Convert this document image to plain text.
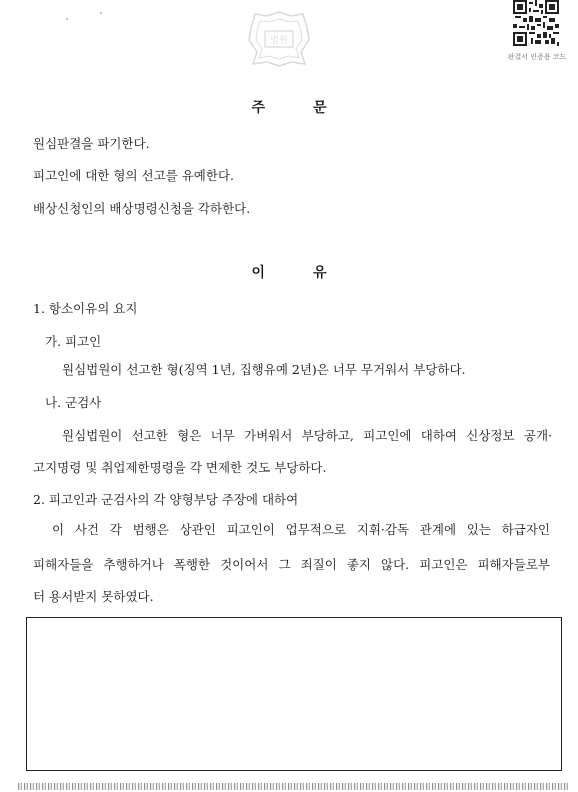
법원
판결서 인증용 코드
주문
원심판결을 파기한다.
피고인에 대한 형의 선고를 유예한다.
배상신청인의 배상명령신청을 각하한다.
이유
1. 항소이유의 요지
가. 피고인
원심법원이 선고한 형(징역 1년, 집행유예 2년)은 너무 무거워서 부당하다.
나. 군검사
원심법원이 선고한 형은 너무 가벼워서 부당하고, 피고인에 대하여 신상정보 공개·
고지명령 및 취업제한명령을 각 면제한 것도 부당하다.
2. 피고인과 군검사의 각 양형부당 주장에 대하여
이 사건 각 범행은 상관인 피고인이 업무적으로 지휘·감독 관계에 있는 하급자인
피해자들을 추행하거나 폭행한 것이어서 그 죄질이 좋지 않다. 피고인은 피해자들로부
터 용서받지 못하였다.
